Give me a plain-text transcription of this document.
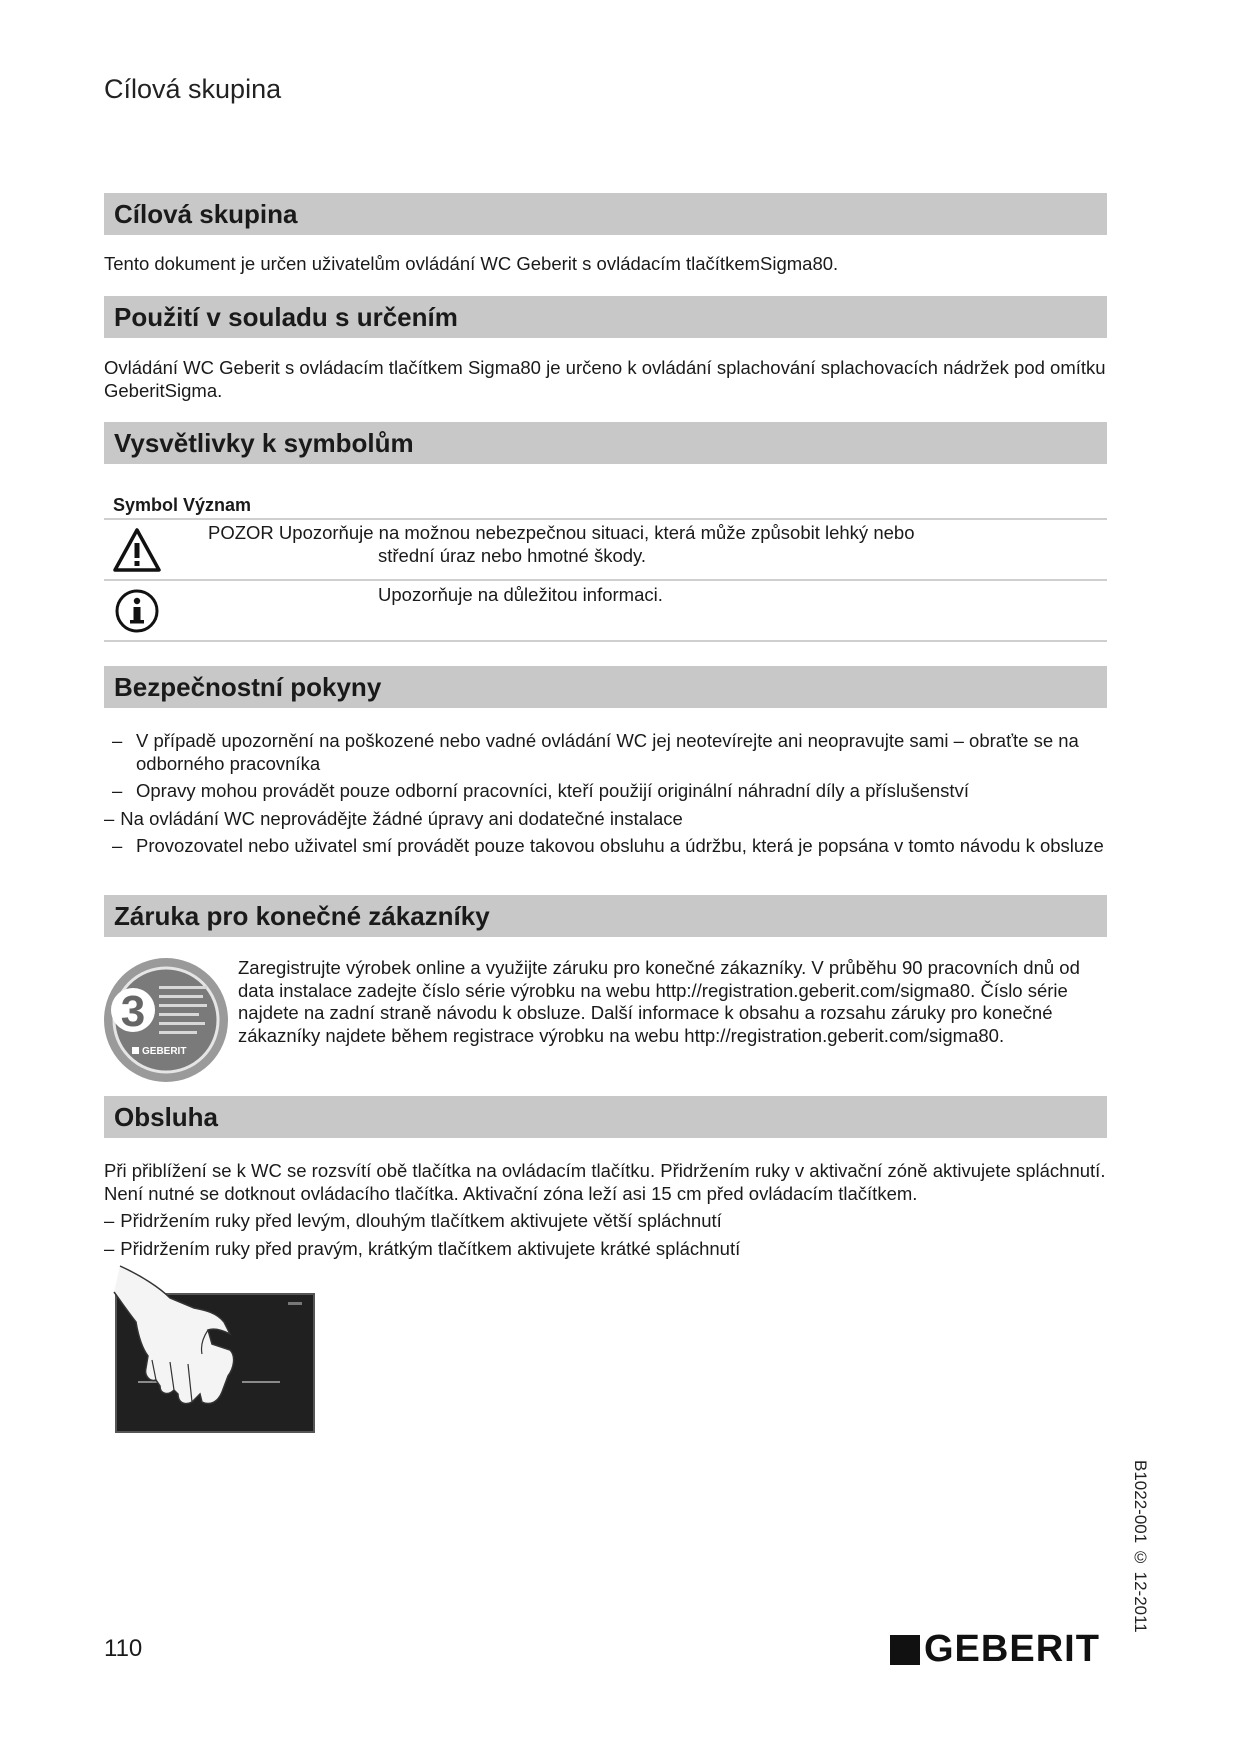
Cílová skupina
Cílová skupina
Tento dokument je určen uživatelům ovládání WC Geberit s ovládacím tlačítkemSigma80.
Použití v souladu s určením
Ovládání WC Geberit s ovládacím tlačítkem Sigma80 je určeno k ovládání splachování splachovacích nádržek pod omítku GeberitSigma.
Vysvětlivky k symbolům
Symbol Význam
POZOR Upozorňuje na možnou nebezpečnou situaci, která může způsobit lehký nebo
střední úraz nebo hmotné škody.
Upozorňuje na důležitou informaci.
Bezpečnostní pokyny
– V případě upozornění na poškozené nebo vadné ovládání WC jej neotevírejte ani neopravujte sami – obraťte se na odborného pracovníka
– Opravy mohou provádět pouze odborní pracovníci, kteří použijí originální náhradní díly a příslušenství
– Na ovládání WC neprovádějte žádné úpravy ani dodatečné instalace
– Provozovatel nebo uživatel smí provádět pouze takovou obsluhu a údržbu, která je popsána v tomto návodu k obsluze
Záruka pro konečné zákazníky
3
GEBERIT
Zaregistrujte výrobek online a využijte záruku pro konečné zákazníky. V průběhu 90 pracovních dnů od data instalace zadejte číslo série výrobku na webu http://registration.geberit.com/sigma80. Číslo série najdete na zadní straně návodu k obsluze. Další informace k obsahu a rozsahu záruky pro konečné zákazníky najdete během registrace výrobku na webu http://registration.geberit.com/sigma80.
Obsluha
Při přiblížení se k WC se rozsvítí obě tlačítka na ovládacím tlačítku. Přidržením ruky v aktivační zóně aktivujete spláchnutí. Není nutné se dotknout ovládacího tlačítka. Aktivační zóna leží asi 15 cm před ovládacím tlačítkem.
– Přidržením ruky před levým, dlouhým tlačítkem aktivujete větší spláchnutí
– Přidržením ruky před pravým, krátkým tlačítkem aktivujete krátké spláchnutí
110
B1022-001 © 12-2011
GEBERIT
